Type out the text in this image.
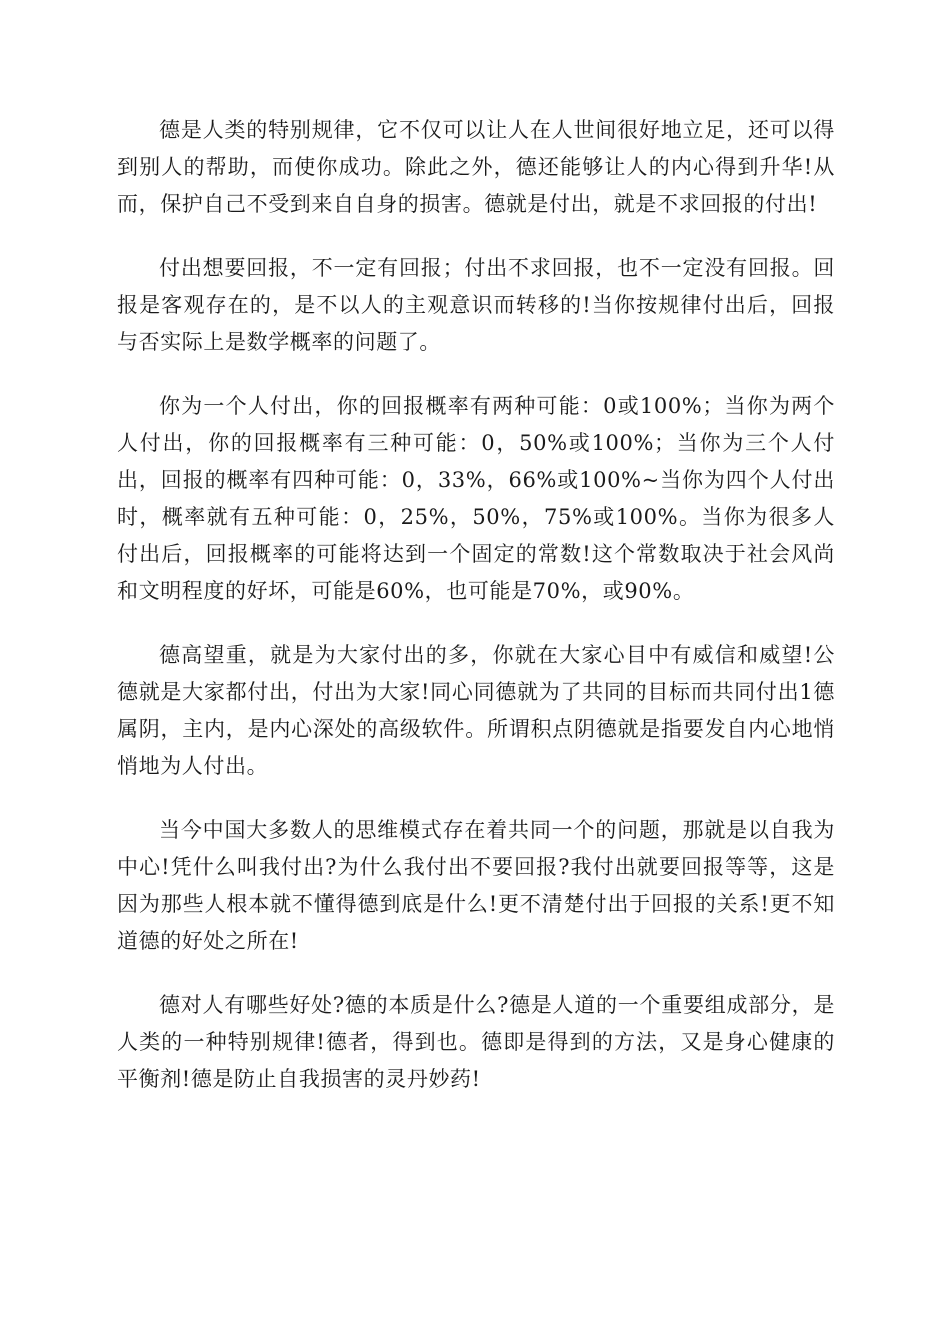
德是人类的特别规律，它不仅可以让人在人世间很好地立足，还可以得到别人的帮助，而使你成功。除此之外，德还能够让人的内心得到升华!从而，保护自己不受到来自自身的损害。德就是付出，就是不求回报的付出!

付出想要回报，不一定有回报；付出不求回报，也不一定没有回报。回报是客观存在的，是不以人的主观意识而转移的!当你按规律付出后，回报与否实际上是数学概率的问题了。

你为一个人付出，你的回报概率有两种可能：0或100%；当你为两个人付出，你的回报概率有三种可能：0，50%或100%；当你为三个人付出，回报的概率有四种可能：0，33%，66%或100%~当你为四个人付出时，概率就有五种可能：0，25%，50%，75%或100%。当你为很多人付出后，回报概率的可能将达到一个固定的常数!这个常数取决于社会风尚和文明程度的好坏，可能是60%，也可能是70%，或90%。

德高望重，就是为大家付出的多，你就在大家心目中有威信和威望!公德就是大家都付出，付出为大家!同心同德就为了共同的目标而共同付出1德属阴，主内，是内心深处的高级软件。所谓积点阴德就是指要发自内心地悄悄地为人付出。

当今中国大多数人的思维模式存在着共同一个的问题，那就是以自我为中心!凭什么叫我付出?为什么我付出不要回报?我付出就要回报等等，这是因为那些人根本就不懂得德到底是什么!更不清楚付出于回报的关系!更不知道德的好处之所在!

德对人有哪些好处?德的本质是什么?德是人道的一个重要组成部分，是人类的一种特别规律!德者，得到也。德即是得到的方法，又是身心健康的平衡剂!德是防止自我损害的灵丹妙药!
